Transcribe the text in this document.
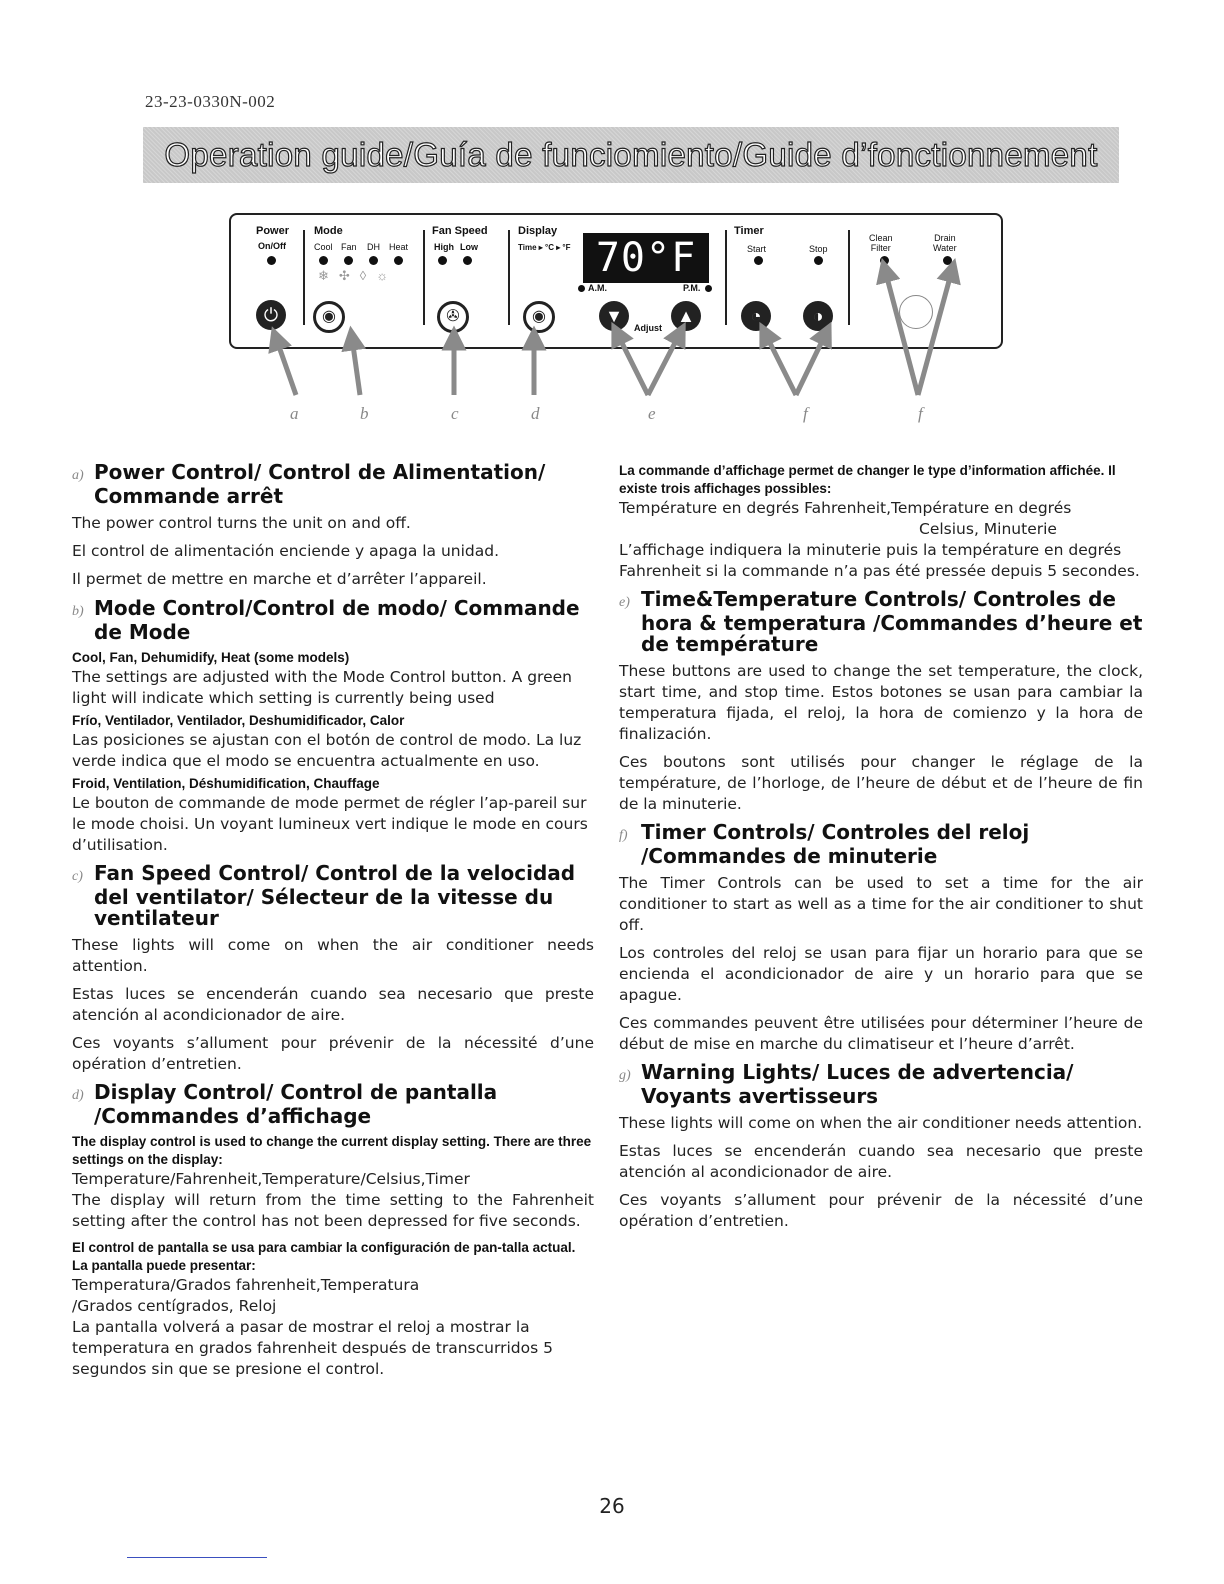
23-23-0330N-002
Operation guide/Guía de funciomiento/Guide d’fonctionnement
Power
On/Off
Mode
Cool Fan DH Heat
❄✣◊☼
Fan Speed
High Low
Display
Time ▸ °C ▸ °F 70°F
A.M.	P.M.
Timer
Start	Stop
Clean
Filter
Drain
Water
⏻	◉	✇	◉	▼
Adjust
▲	◔	◑
a	b	c	d	e	f	f
a) Power Control/ Control de Alimentation/ Commande arrêt

The power control turns the unit on and off.

El control de alimentación enciende y apaga la unidad.

Il permet de mettre en marche et d’arrêter l’appareil.

b) Mode Control/Control de modo/ Commande de Mode
Cool, Fan, Dehumidify, Heat (some models)

The settings are adjusted with the Mode Control button. A green light will indicate which setting is currently being used

Frío, Ventilador, Ventilador, Deshumidificador, Calor

Las posiciones se ajustan con el botón de control de modo. La luz verde indica que el modo se encuentra actualmente en uso.

Froid, Ventilation, Déshumidification, Chauffage

Le bouton de commande de mode permet de régler l’ap-pareil sur le mode choisi. Un voyant lumineux vert indique le mode en cours d’utilisation.

c) Fan Speed Control/ Control de la velocidad del ventilator/ Sélecteur de la vitesse du ventilateur

These lights will come on when the air conditioner needs attention.

Estas luces se encenderán cuando sea necesario que preste atención al acondicionador de aire.

Ces voyants s’allument pour prévenir de la nécessité d’une opération d’entretien.

d) Display Control/ Control de pantalla /Commandes d’affichage
The display control is used to change the current display setting. There are three settings on the display:

Temperature/Fahrenheit,Temperature/Celsius,Timer

The display will return from the time setting to the Fahrenheit setting after the control has not been depressed for five seconds.

El control de pantalla se usa para cambiar la configuración de pan-talla actual. La pantalla puede presentar:

Temperatura/Grados fahrenheit,Temperatura

/Grados centígrados, Reloj

La pantalla volverá a pasar de mostrar el reloj a mostrar la temperatura en grados fahrenheit después de transcurridos 5 segundos sin que se presione el control.

La commande d’affichage permet de changer le type d’information affichée. Il existe trois affichages possibles:

Température en degrés Fahrenheit,Température en degrés

Celsius, Minuterie

L’affichage indiquera la minuterie puis la température en degrés Fahrenheit si la commande n’a pas été pressée depuis 5 secondes.

e) Time&Temperature Controls/ Controles de hora & temperatura /Commandes d’heure et de température

These buttons are used to change the set temperature, the clock, start time, and stop time. Estos botones se usan para cambiar la temperatura fijada, el reloj, la hora de comienzo y la hora de finalización.

Ces boutons sont utilisés pour changer le réglage de la température, de l’horloge, de l’heure de début et de l’heure de fin de la minuterie.

f) Timer Controls/ Controles del reloj /Commandes de minuterie

The Timer Controls can be used to set a time for the air conditioner to start as well as a time for the air conditioner to shut off.

Los controles del reloj se usan para fijar un horario para que se encienda el acondicionador de aire y un horario para que se apague.

Ces commandes peuvent être utilisées pour déterminer l’heure de début de mise en marche du climatiseur et l’heure d’arrêt.

g) Warning Lights/ Luces de advertencia/ Voyants avertisseurs

These lights will come on when the air conditioner needs attention.

Estas luces se encenderán cuando sea necesario que preste atención al acondicionador de aire.

Ces voyants s’allument pour prévenir de la nécessité d’une opération d’entretien.

26
